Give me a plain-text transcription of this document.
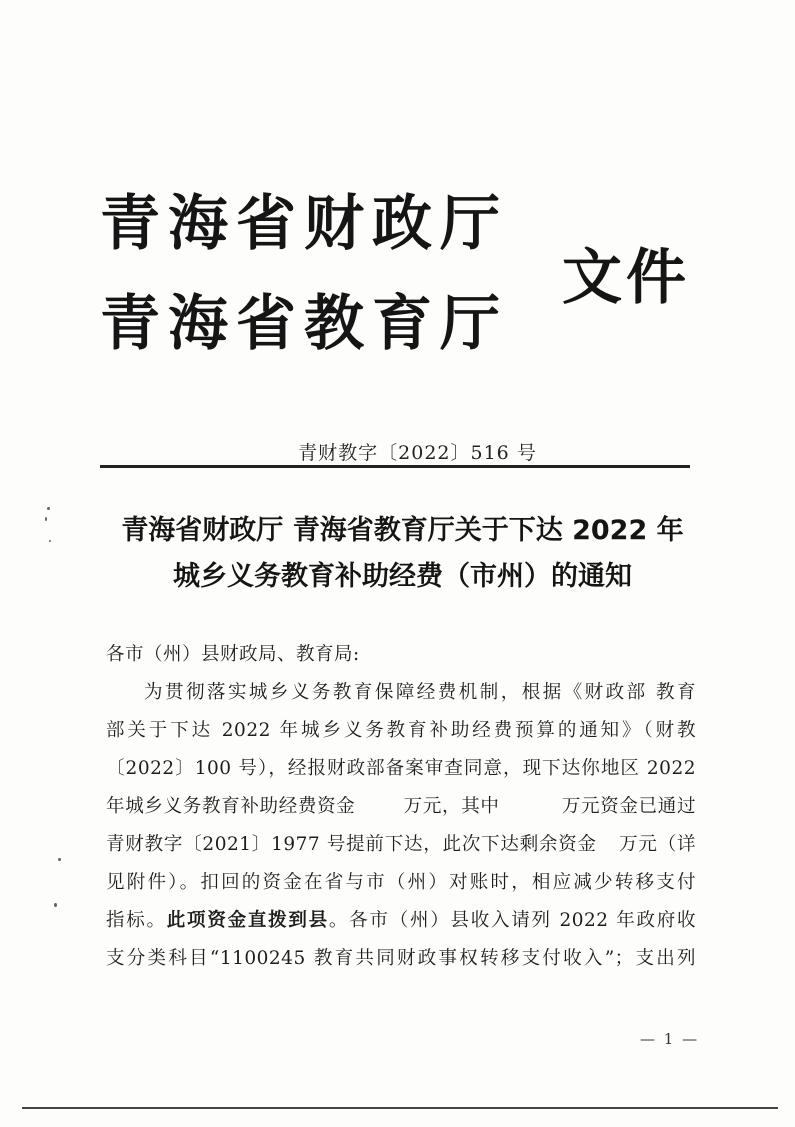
青海省财政厅
青海省教育厅
文件
青财教字〔2022〕516 号
青海省财政厅 青海省教育厅关于下达 2022 年
城乡义务教育补助经费（市州）的通知
各市（州）县财政局、教育局:
为贯彻落实城乡义务教育保障经费机制，根据《财政部 教育
部关于下达 2022 年城乡义务教育补助经费预算的通知》（财教
〔2022〕100 号），经报财政部备案审查同意，现下达你地区 2022
年城乡义务教育补助经费资金	万元，其中	万元资金已通过
青财教字〔2021〕1977 号提前下达，此次下达剩余资金 万元（详
见附件）。扣回的资金在省与市（州）对账时，相应减少转移支付
指标。此项资金直拨到县。各市（州）县收入请列 2022 年政府收
支分类科目“1100245 教育共同财政事权转移支付收入”；支出列
— 1 —
